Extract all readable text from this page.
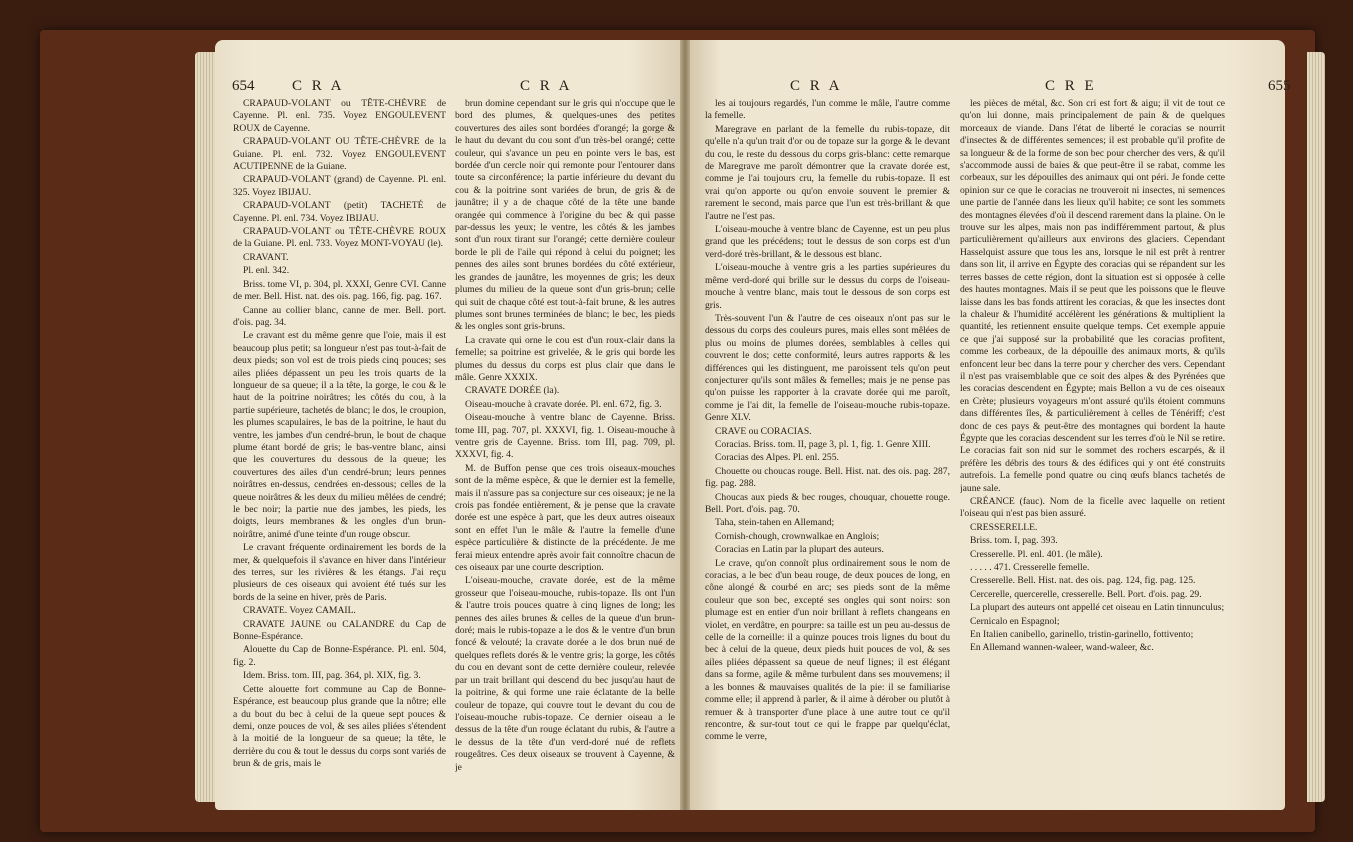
654	C R A	C R A	C R A	C R E	655

CRAPAUD-VOLANT ou TÊTE-CHÈVRE de Cayenne. Pl. enl. 735. Voyez ENGOULEVENT ROUX de Cayenne.

CRAPAUD-VOLANT OU TÊTE-CHÈVRE de la Guiane. Pl. enl. 732. Voyez ENGOULEVENT ACUTIPENNE de la Guiane.

CRAPAUD-VOLANT (grand) de Cayenne. Pl. enl. 325. Voyez IBIJAU.

CRAPAUD-VOLANT (petit) TACHETÉ de Cayenne. Pl. enl. 734. Voyez IBIJAU.

CRAPAUD-VOLANT ou TÊTE-CHÈVRE ROUX de la Guiane. Pl. enl. 733. Voyez MONT-VOYAU (le).

CRAVANT.

Pl. enl. 342.

Briss. tome VI, p. 304, pl. XXXI, Genre CVI. Canne de mer. Bell. Hist. nat. des ois. pag. 166, fig. pag. 167.

Canne au collier blanc, canne de mer. Bell. port. d'ois. pag. 34.

Le cravant est du même genre que l'oie, mais il est beaucoup plus petit; sa longueur n'est pas tout-à-fait de deux pieds; son vol est de trois pieds cinq pouces; ses ailes pliées dépassent un peu les trois quarts de la longueur de sa queue; il a la tête, la gorge, le cou & le haut de la poitrine noirâtres; les côtés du cou, à la partie supérieure, tachetés de blanc; le dos, le croupion, les plumes scapulaires, le bas de la poitrine, le haut du ventre, les jambes d'un cendré-brun, le bout de chaque plume étant bordé de gris; le bas-ventre blanc, ainsi que les couvertures du dessous de la queue; les couvertures des ailes d'un cendré-brun; leurs pennes noirâtres en-dessus, cendrées en-dessous; celles de la queue noirâtres & les deux du milieu mêlées de cendré; le bec noir; la partie nue des jambes, les pieds, les doigts, leurs membranes & les ongles d'un brun-noirâtre, animé d'une teinte d'un rouge obscur.

Le cravant fréquente ordinairement les bords de la mer, & quelquefois il s'avance en hiver dans l'intérieur des terres, sur les rivières & les étangs. J'ai reçu plusieurs de ces oiseaux qui avoient été tués sur les bords de la seine en hiver, près de Paris.

CRAVATE. Voyez CAMAIL.

CRAVATE JAUNE ou CALANDRE du Cap de Bonne-Espérance.

Alouette du Cap de Bonne-Espérance. Pl. enl. 504, fig. 2.

Idem. Briss. tom. III, pag. 364, pl. XIX, fig. 3.

Cette alouette fort commune au Cap de Bonne-Espérance, est beaucoup plus grande que la nôtre; elle a du bout du bec à celui de la queue sept pouces & demi, onze pouces de vol, & ses ailes pliées s'étendent à la moitié de la longueur de sa queue; la tête, le derrière du cou & tout le dessus du corps sont variés de brun & de gris, mais le

brun domine cependant sur le gris qui n'occupe que le bord des plumes, & quelques-unes des petites couvertures des ailes sont bordées d'orangé; la gorge & le haut du devant du cou sont d'un très-bel orangé; cette couleur, qui s'avance un peu en pointe vers le bas, est bordée d'un cercle noir qui remonte pour l'entourer dans toute sa circonférence; la partie inférieure du devant du cou & la poitrine sont variées de brun, de gris & de jaunâtre; il y a de chaque côté de la tête une bande orangée qui commence à l'origine du bec & qui passe par-dessus les yeux; le ventre, les côtés & les jambes sont d'un roux tirant sur l'orangé; cette dernière couleur borde le pli de l'aile qui répond à celui du poignet; les pennes des ailes sont brunes bordées du côté extérieur, les grandes de jaunâtre, les moyennes de gris; les deux plumes du milieu de la queue sont d'un gris-brun; celle qui suit de chaque côté est tout-à-fait brune, & les autres plumes sont brunes terminées de blanc; le bec, les pieds & les ongles sont gris-bruns.

La cravate qui orne le cou est d'un roux-clair dans la femelle; sa poitrine est grivelée, & le gris qui borde les plumes du dessus du corps est plus clair que dans le mâle. Genre XXXIX.

CRAVATE DORÉE (la).

Oiseau-mouche à cravate dorée. Pl. enl. 672, fig. 3.

Oiseau-mouche à ventre blanc de Cayenne. Briss. tome III, pag. 707, pl. XXXVI, fig. 1. Oiseau-mouche à ventre gris de Cayenne. Briss. tom III, pag. 709, pl. XXXVI, fig. 4.

M. de Buffon pense que ces trois oiseaux-mouches sont de la même espèce, & que le dernier est la femelle, mais il n'assure pas sa conjecture sur ces oiseaux; je ne la crois pas fondée entièrement, & je pense que la cravate dorée est une espèce à part, que les deux autres oiseaux sont en effet l'un le mâle & l'autre la femelle d'une espèce particulière & distincte de la précédente. Je me ferai mieux entendre après avoir fait connoître chacun de ces oiseaux par une courte description.

L'oiseau-mouche, cravate dorée, est de la même grosseur que l'oiseau-mouche, rubis-topaze. Ils ont l'un & l'autre trois pouces quatre à cinq lignes de long; les pennes des ailes brunes & celles de la queue d'un brun-doré; mais le rubis-topaze a le dos & le ventre d'un brun foncé & velouté; la cravate dorée a le dos brun nué de quelques reflets dorés & le ventre gris; la gorge, les côtés du cou en devant sont de cette dernière couleur, relevée par un trait brillant qui descend du bec jusqu'au haut de la poitrine, & qui forme une raie éclatante de la belle couleur de topaze, qui couvre tout le devant du cou de l'oiseau-mouche rubis-topaze. Ce dernier oiseau a le dessus de la tête d'un rouge éclatant du rubis, & l'autre a le dessus de la tête d'un verd-doré nué de reflets rougeâtres. Ces deux oiseaux se trouvent à Cayenne, & je

les ai toujours regardés, l'un comme le mâle, l'autre comme la femelle.

Maregrave en parlant de la femelle du rubis-topaze, dit qu'elle n'a qu'un trait d'or ou de topaze sur la gorge & le devant du cou, le reste du dessous du corps gris-blanc: cette remarque de Maregrave me paroît démontrer que la cravate dorée est, comme je l'ai toujours cru, la femelle du rubis-topaze. Il est vrai qu'on apporte ou qu'on envoie souvent le premier & rarement le second, mais parce que l'un est très-brillant & que l'autre ne l'est pas.

L'oiseau-mouche à ventre blanc de Cayenne, est un peu plus grand que les précédens; tout le dessus de son corps est d'un verd-doré très-brillant, & le dessous est blanc.

L'oiseau-mouche à ventre gris a les parties supérieures du même verd-doré qui brille sur le dessus du corps de l'oiseau-mouche à ventre blanc, mais tout le dessous de son corps est gris.

Très-souvent l'un & l'autre de ces oiseaux n'ont pas sur le dessous du corps des couleurs pures, mais elles sont mêlées de plus ou moins de plumes dorées, semblables à celles qui couvrent le dos; cette conformité, leurs autres rapports & les différences qui les distinguent, me paroissent tels qu'on peut conjecturer qu'ils sont mâles & femelles; mais je ne pense pas qu'on puisse les rapporter à la cravate dorée qui me paroît, comme je l'ai dit, la femelle de l'oiseau-mouche rubis-topaze. Genre XLV.

CRAVE ou CORACIAS.

Coracias. Briss. tom. II, page 3, pl. 1, fig. 1. Genre XIII.

Coracias des Alpes. Pl. enl. 255.

Chouette ou choucas rouge. Bell. Hist. nat. des ois. pag. 287, fig. pag. 288.

Choucas aux pieds & bec rouges, chouquar, chouette rouge. Bell. Port. d'ois. pag. 70.

Taha, stein-tahen en Allemand;

Cornish-chough, crownwalkae en Anglois;

Coracias en Latin par la plupart des auteurs.

Le crave, qu'on connoît plus ordinairement sous le nom de coracias, a le bec d'un beau rouge, de deux pouces de long, en cône alongé & courbé en arc; ses pieds sont de la même couleur que son bec, excepté ses ongles qui sont noirs: son plumage est en entier d'un noir brillant à reflets changeans en violet, en verdâtre, en pourpre: sa taille est un peu au-dessus de celle de la corneille: il a quinze pouces trois lignes du bout du bec à celui de la queue, deux pieds huit pouces de vol, & ses ailes pliées dépassent sa queue de neuf lignes; il est élégant dans sa forme, agile & même turbulent dans ses mouvemens; il a les bonnes & mauvaises qualités de la pie: il se familiarise comme elle; il apprend à parler, & il aime à dérober ou plutôt à remuer & à transporter d'une place à une autre tout ce qu'il rencontre, & sur-tout tout ce qui le frappe par quelqu'éclat, comme le verre,

les pièces de métal, &c. Son cri est fort & aigu; il vit de tout ce qu'on lui donne, mais principalement de pain & de quelques morceaux de viande. Dans l'état de liberté le coracias se nourrit d'insectes & de différentes semences; il est probable qu'il profite de sa longueur & de la forme de son bec pour chercher des vers, & qu'il s'accommode aussi de baies & que peut-être il se rabat, comme les corbeaux, sur les dépouilles des animaux qui ont péri. Je fonde cette opinion sur ce que le coracias ne trouveroit ni insectes, ni semences une partie de l'année dans les lieux qu'il habite; ce sont les sommets des montagnes élevées d'où il descend rarement dans la plaine. On le trouve sur les alpes, mais non pas indifféremment partout, & plus particulièrement qu'ailleurs aux environs des glaciers. Cependant Hasselquist assure que tous les ans, lorsque le nil est prêt à rentrer dans son lit, il arrive en Égypte des coracias qui se répandent sur les terres basses de cette région, dont la situation est si opposée à celle des hautes montagnes. Mais il se peut que les poissons que le fleuve laisse dans les bas fonds attirent les coracias, & que les insectes dont la chaleur & l'humidité accélèrent les générations & multiplient la quantité, les retiennent ensuite quelque temps. Cet exemple appuie ce que j'ai supposé sur la probabilité que les coracias profitent, comme les corbeaux, de la dépouille des animaux morts, & qu'ils enfoncent leur bec dans la terre pour y chercher des vers. Cependant il n'est pas vraisemblable que ce soit des alpes & des Pyrénées que les coracias descendent en Égypte; mais Bellon a vu de ces oiseaux en Crète; plusieurs voyageurs m'ont assuré qu'ils étoient communs dans différentes îles, & particulièrement à celles de Ténériff; c'est donc de ces pays & peut-être des montagnes qui bordent la haute Égypte que les coracias descendent sur les terres d'où le Nil se retire. Le coracias fait son nid sur le sommet des rochers escarpés, & il préfère les débris des tours & des édifices qui y ont été construits autrefois. La femelle pond quatre ou cinq œufs blancs tachetés de jaune sale.

CRÉANCE (fauc). Nom de la ficelle avec laquelle on retient l'oiseau qui n'est pas bien assuré.

CRESSERELLE.

Briss. tom. I, pag. 393.

Cresserelle. Pl. enl. 401. (le mâle).

. . . . . 471. Cresserelle femelle.

Cresserelle. Bell. Hist. nat. des ois. pag. 124, fig. pag. 125.

Cercerelle, quercerelle, cresserelle. Bell. Port. d'ois. pag. 29.

La plupart des auteurs ont appellé cet oiseau en Latin tinnunculus;

Cernicalo en Espagnol;

En Italien canibello, garinello, tristin-garinello, fottivento;

En Allemand wannen-waleer, wand-waleer, &c.
